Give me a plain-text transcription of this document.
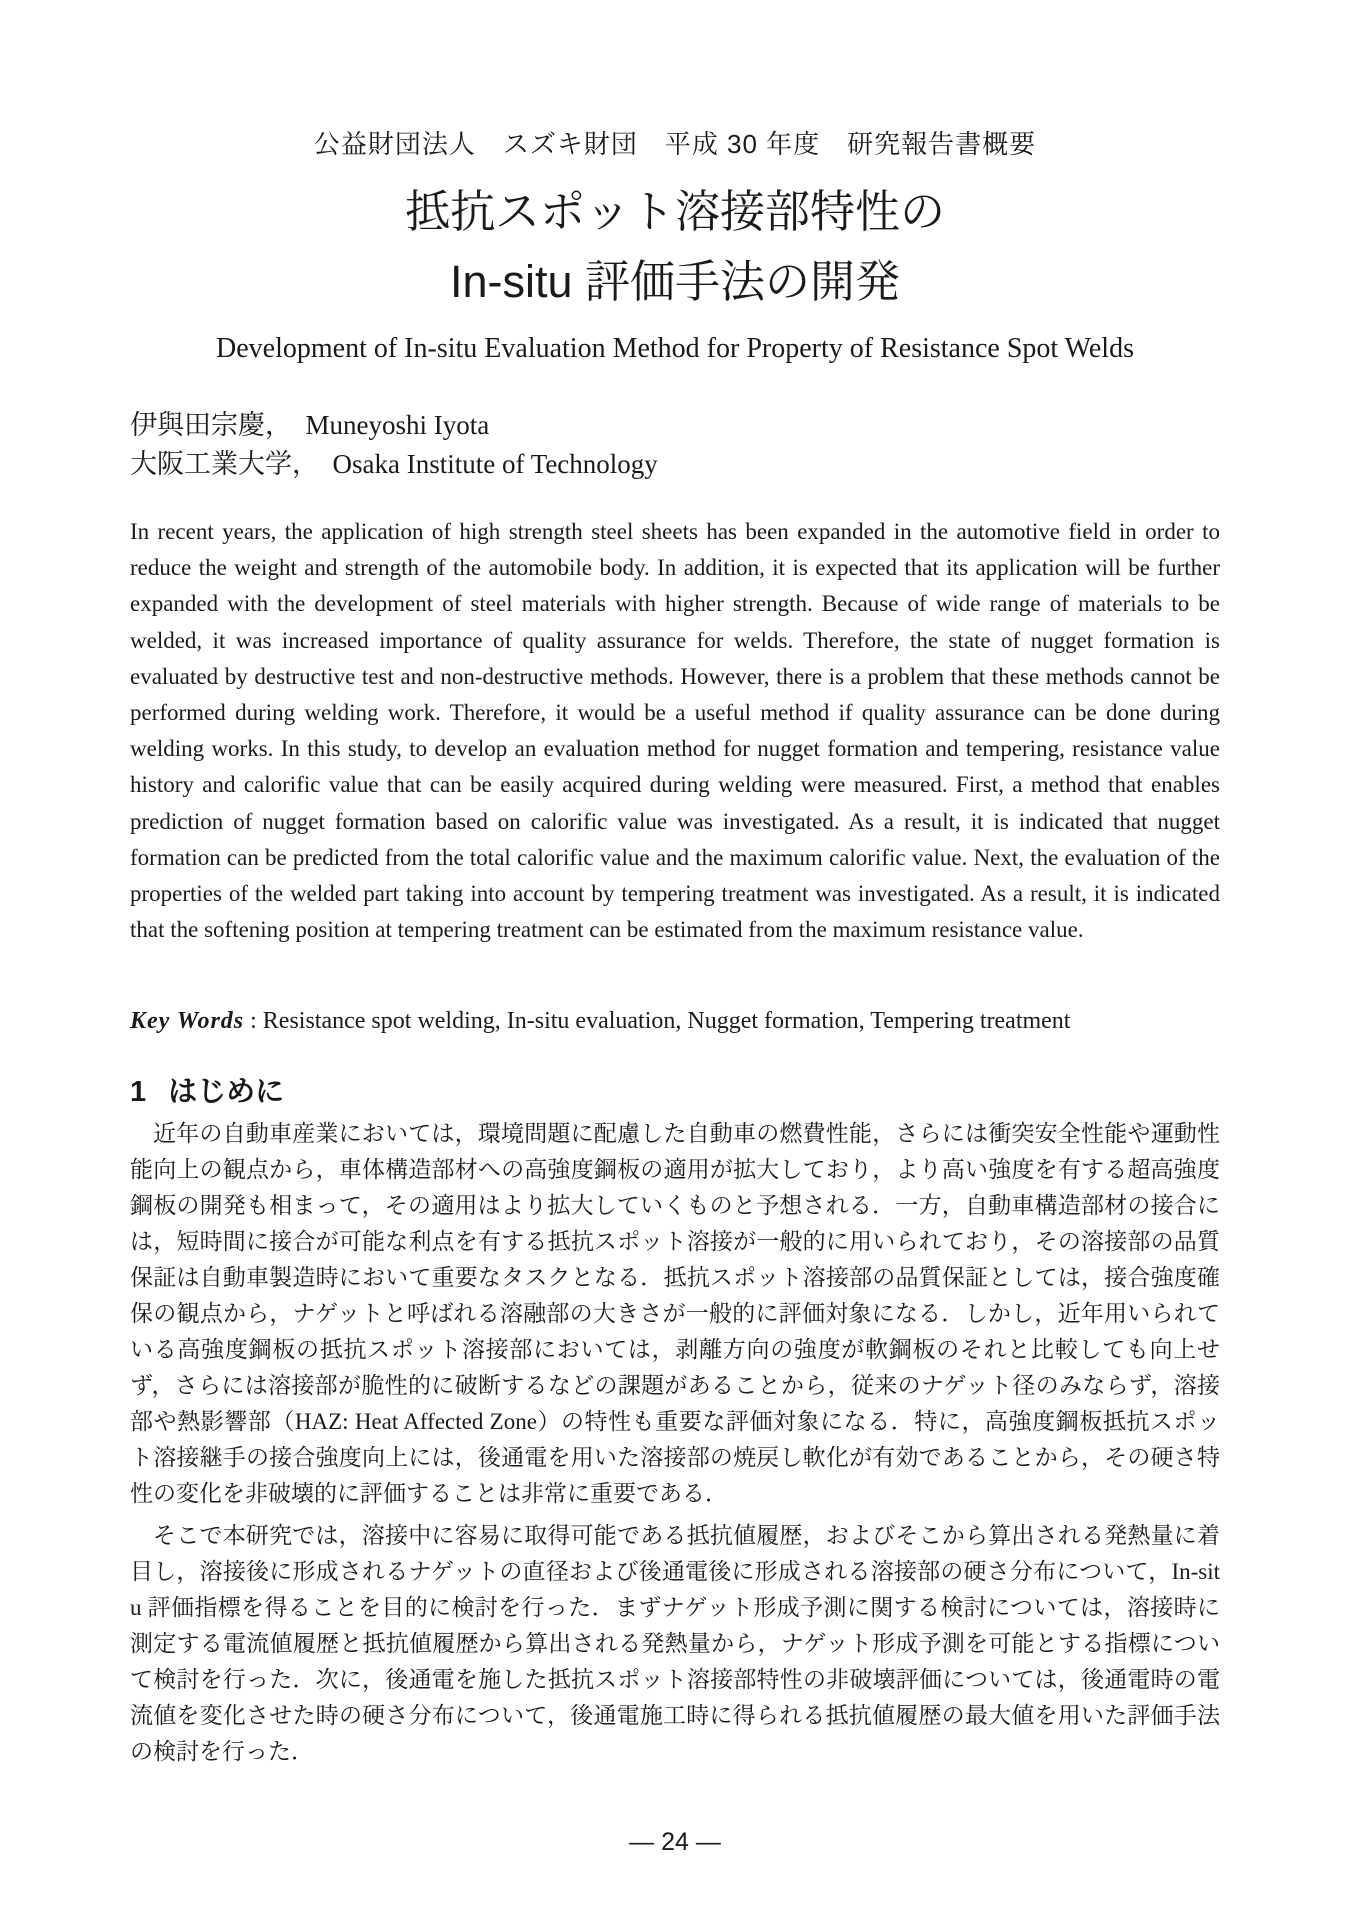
公益財団法人　スズキ財団　平成 30 年度　研究報告書概要
抵抗スポット溶接部特性の
In-situ 評価手法の開発
Development of In-situ Evaluation Method for Property of Resistance Spot Welds
伊與田宗慶，　Muneyoshi Iyota
大阪工業大学，　Osaka Institute of Technology

In recent years, the application of high strength steel sheets has been expanded in the automotive field in order to reduce the weight and strength of the automobile body. In addition, it is expected that its application will be further expanded with the development of steel materials with higher strength. Because of wide range of materials to be welded, it was increased importance of quality assurance for welds. Therefore, the state of nugget formation is evaluated by destructive test and non-destructive methods. However, there is a problem that these methods cannot be performed during welding work. Therefore, it would be a useful method if quality assurance can be done during welding works. In this study, to develop an evaluation method for nugget formation and tempering, resistance value history and calorific value that can be easily acquired during welding were measured. First, a method that enables prediction of nugget formation based on calorific value was investigated. As a result, it is indicated that nugget formation can be predicted from the total calorific value and the maximum calorific value. Next, the evaluation of the properties of the welded part taking into account by tempering treatment was investigated. As a result, it is indicated that the softening position at tempering treatment can be estimated from the maximum resistance value.

Key Words : Resistance spot welding, In-situ evaluation, Nugget formation, Tempering treatment
1 はじめに

近年の自動車産業においては，環境問題に配慮した自動車の燃費性能，さらには衝突安全性能や運動性能向上の観点から，車体構造部材への高強度鋼板の適用が拡大しており，より高い強度を有する超高強度鋼板の開発も相まって，その適用はより拡大していくものと予想される．一方，自動車構造部材の接合には，短時間に接合が可能な利点を有する抵抗スポット溶接が一般的に用いられており，その溶接部の品質保証は自動車製造時において重要なタスクとなる．抵抗スポット溶接部の品質保証としては，接合強度確保の観点から，ナゲットと呼ばれる溶融部の大きさが一般的に評価対象になる．しかし，近年用いられている高強度鋼板の抵抗スポット溶接部においては，剥離方向の強度が軟鋼板のそれと比較しても向上せず，さらには溶接部が脆性的に破断するなどの課題があることから，従来のナゲット径のみならず，溶接部や熱影響部（HAZ: Heat Affected Zone）の特性も重要な評価対象になる．特に，高強度鋼板抵抗スポット溶接継手の接合強度向上には，後通電を用いた溶接部の焼戻し軟化が有効であることから，その硬さ特性の変化を非破壊的に評価することは非常に重要である．

そこで本研究では，溶接中に容易に取得可能である抵抗値履歴，およびそこから算出される発熱量に着目し，溶接後に形成されるナゲットの直径および後通電後に形成される溶接部の硬さ分布について，In-situ 評価指標を得ることを目的に検討を行った．まずナゲット形成予測に関する検討については，溶接時に測定する電流値履歴と抵抗値履歴から算出される発熱量から，ナゲット形成予測を可能とする指標について検討を行った．次に，後通電を施した抵抗スポット溶接部特性の非破壊評価については，後通電時の電流値を変化させた時の硬さ分布について，後通電施工時に得られる抵抗値履歴の最大値を用いた評価手法の検討を行った．

— 24 —
